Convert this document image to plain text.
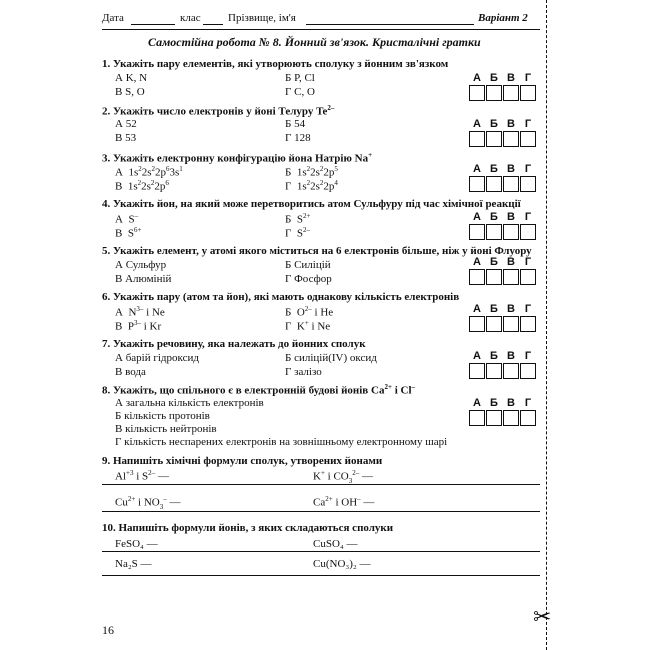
✂
Дата	клас Прізвище, ім'я	Варіант 2
Самостійна робота № 8. Йонний зв'язок. Кристалічні гратки
1. Укажіть пару елементів, які утворюють сполуку з йонним зв'язком
А K, N	Б P, Cl
В S, O	Г C, O
2. Укажіть число електронів у йоні Телуру $Te^{2-}$
А 52	Б 54
В 53	Г 128
3. Укажіть електронну конфігурацію йона Натрію Na+
А  $1s^22s^22p^63s^1$	Б  $1s^22s^22p^5$
В  $1s^22s^22p^6$	Г  $1s^22s^22p^4$
4. Укажіть йон, на який може перетворитись атом Сульфуру під час хімічної реакції
А  S–	Б  $S^{2+}$
В  $S^{6+}$	Г  $S^{2-}$
5. Укажіть елемент, у атомі якого міститься на 6 електронів більше, ніж у йоні Флуору
А Сульфур	Б Силіцій
В Алюміній	Г Фосфор
6. Укажіть пару (атом та йон), які мають однакову кількість електронів
А  $N^{3-}$ і Ne	Б  $O^{2-}$ і He
В  $P^{3-}$ і Kr	Г  K+ і Ne
7. Укажіть речовину, яка належать до йонних сполук
А барій гідроксид	Б силіцій(IV) оксид
В вода	Г залізо
8. Укажіть, що спільного є в електронній будові йонів $Ca^{2+}$ і Cl–
А загальна кількість електронів
Б кількість протонів
В кількість нейтронів
Г кількість неспарених електронів на зовнішньому електронному шарі
9. Напишіть хімічні формули сполук, утворених йонами
$Al^{+3}$ і $S^{2-}$ —	K+ і $CO_3^{2-}$ —
$Cu^{2+}$ і $NO_3^-$ —	$Ca^{2+}$ і OH– —
10. Напишіть формули йонів, з яких складаються сполуки
FeSO₄ —	CuSO₄ —
Na₂S —	Cu(NO₃)₂ —
16
А Б В Г
А Б В Г
А Б В Г
А Б В Г
А Б В Г
А Б В Г
А Б В Г
А Б В Г
